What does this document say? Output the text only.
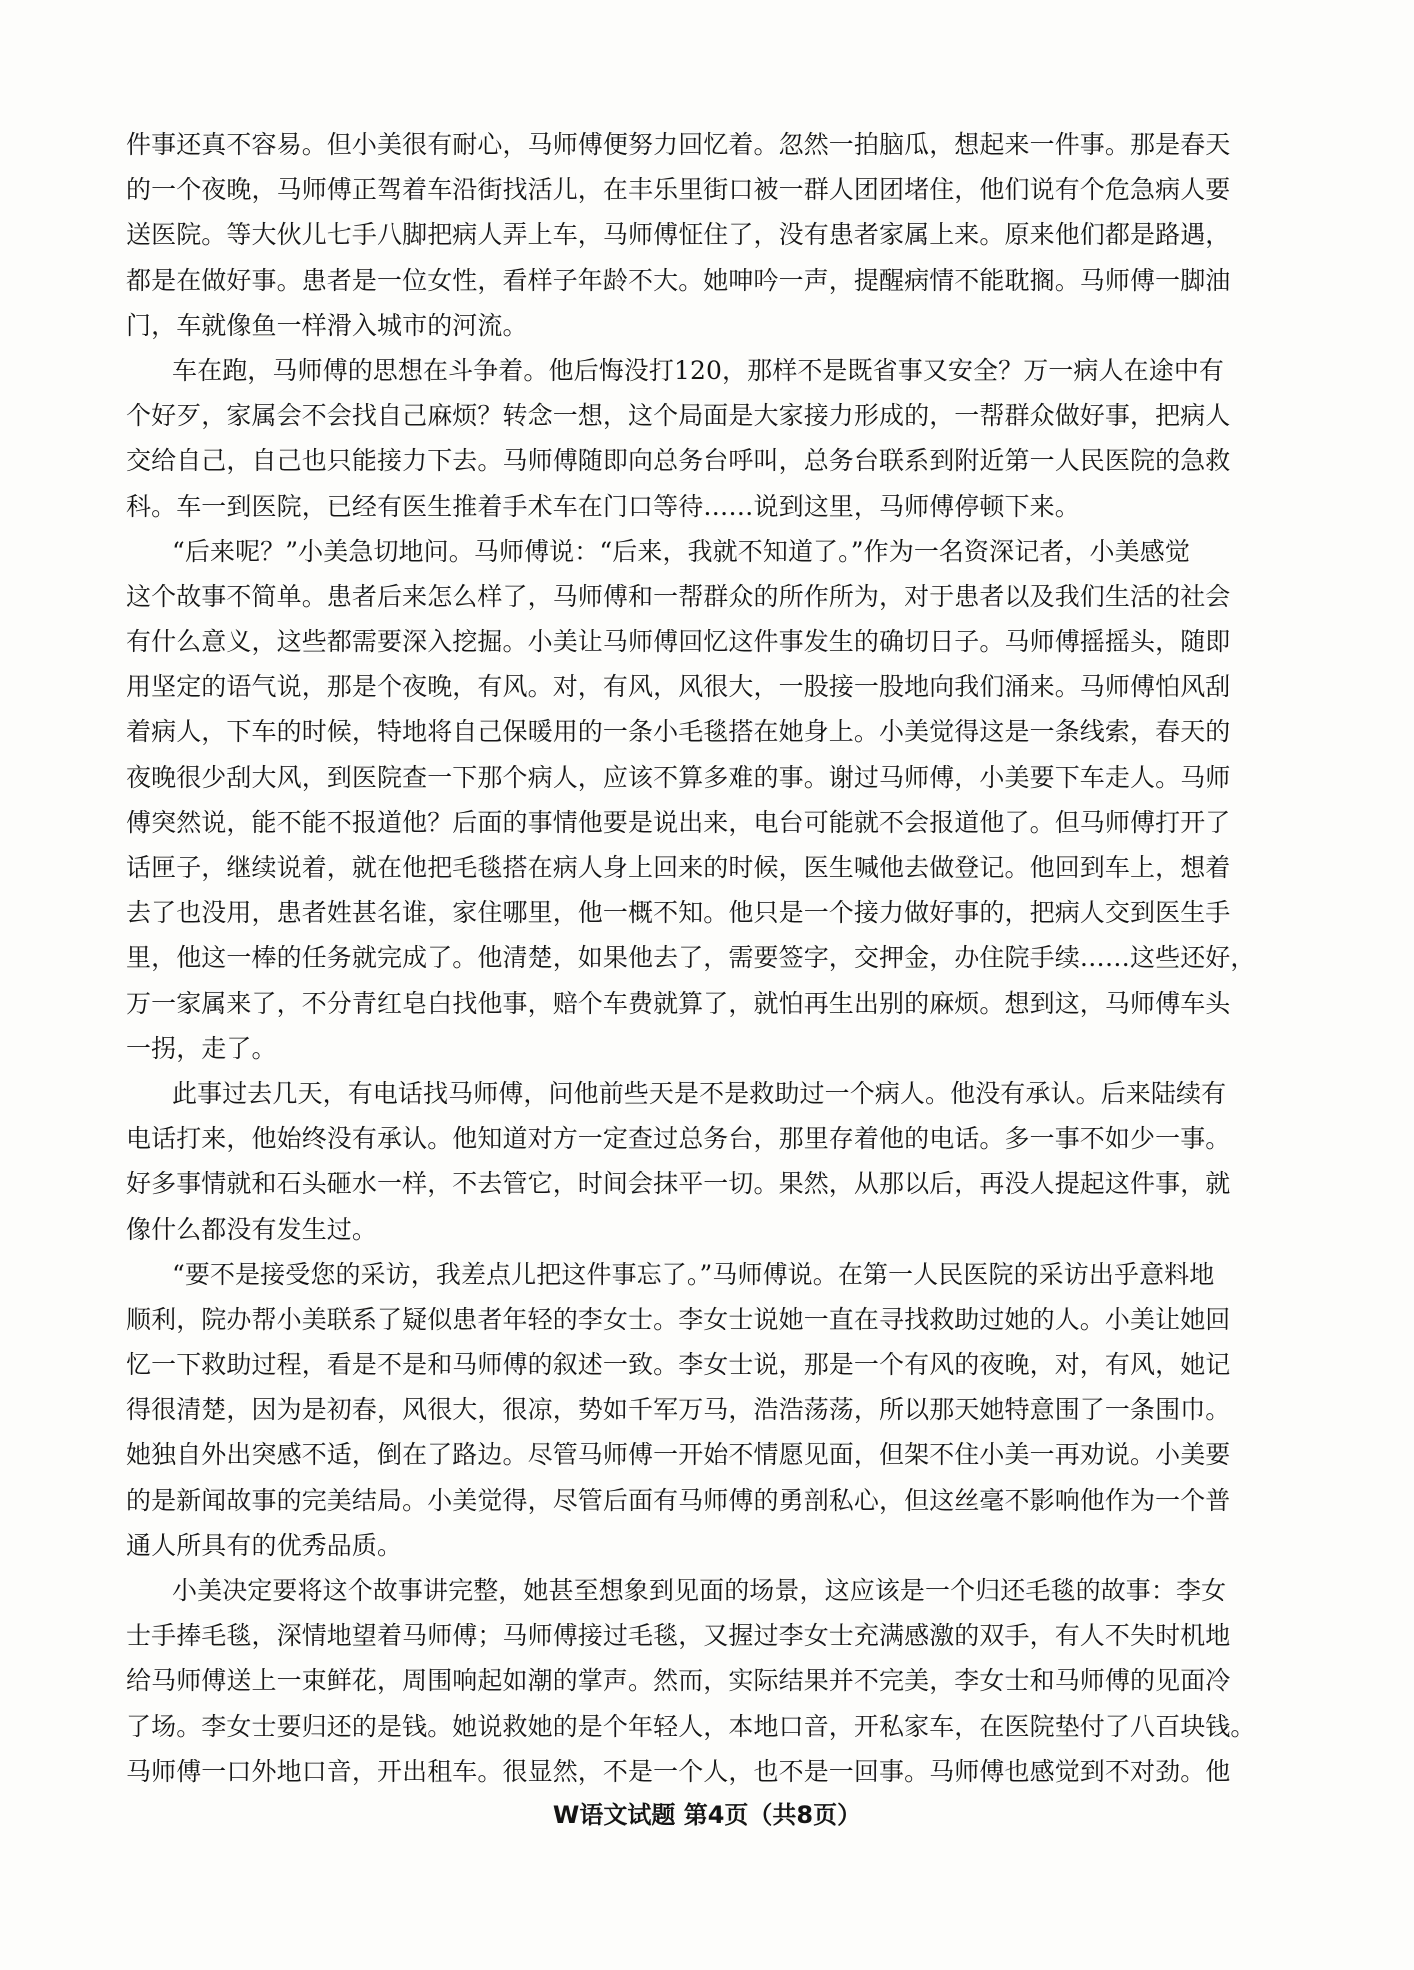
件事还真不容易。但小美很有耐心，马师傅便努力回忆着。忽然一拍脑瓜，想起来一件事。那是春天

的一个夜晚，马师傅正驾着车沿街找活儿，在丰乐里街口被一群人团团堵住，他们说有个危急病人要

送医院。等大伙儿七手八脚把病人弄上车，马师傅怔住了，没有患者家属上来。原来他们都是路遇，

都是在做好事。患者是一位女性，看样子年龄不大。她呻吟一声，提醒病情不能耽搁。马师傅一脚油

门，车就像鱼一样滑入城市的河流。

车在跑，马师傅的思想在斗争着。他后悔没打120，那样不是既省事又安全？万一病人在途中有

个好歹，家属会不会找自己麻烦？转念一想，这个局面是大家接力形成的，一帮群众做好事，把病人

交给自己，自己也只能接力下去。马师傅随即向总务台呼叫，总务台联系到附近第一人民医院的急救

科。车一到医院，已经有医生推着手术车在门口等待……说到这里，马师傅停顿下来。

“后来呢？”小美急切地问。马师傅说：“后来，我就不知道了。”作为一名资深记者，小美感觉

这个故事不简单。患者后来怎么样了，马师傅和一帮群众的所作所为，对于患者以及我们生活的社会

有什么意义，这些都需要深入挖掘。小美让马师傅回忆这件事发生的确切日子。马师傅摇摇头，随即

用坚定的语气说，那是个夜晚，有风。对，有风，风很大，一股接一股地向我们涌来。马师傅怕风刮

着病人，下车的时候，特地将自己保暖用的一条小毛毯搭在她身上。小美觉得这是一条线索，春天的

夜晚很少刮大风，到医院查一下那个病人，应该不算多难的事。谢过马师傅，小美要下车走人。马师

傅突然说，能不能不报道他？后面的事情他要是说出来，电台可能就不会报道他了。但马师傅打开了

话匣子，继续说着，就在他把毛毯搭在病人身上回来的时候，医生喊他去做登记。他回到车上，想着

去了也没用，患者姓甚名谁，家住哪里，他一概不知。他只是一个接力做好事的，把病人交到医生手

里，他这一棒的任务就完成了。他清楚，如果他去了，需要签字，交押金，办住院手续……这些还好，

万一家属来了，不分青红皂白找他事，赔个车费就算了，就怕再生出别的麻烦。想到这，马师傅车头

一拐，走了。

此事过去几天，有电话找马师傅，问他前些天是不是救助过一个病人。他没有承认。后来陆续有

电话打来，他始终没有承认。他知道对方一定查过总务台，那里存着他的电话。多一事不如少一事。

好多事情就和石头砸水一样，不去管它，时间会抹平一切。果然，从那以后，再没人提起这件事，就

像什么都没有发生过。

“要不是接受您的采访，我差点儿把这件事忘了。”马师傅说。在第一人民医院的采访出乎意料地

顺利，院办帮小美联系了疑似患者年轻的李女士。李女士说她一直在寻找救助过她的人。小美让她回

忆一下救助过程，看是不是和马师傅的叙述一致。李女士说，那是一个有风的夜晚，对，有风，她记

得很清楚，因为是初春，风很大，很凉，势如千军万马，浩浩荡荡，所以那天她特意围了一条围巾。

她独自外出突感不适，倒在了路边。尽管马师傅一开始不情愿见面，但架不住小美一再劝说。小美要

的是新闻故事的完美结局。小美觉得，尽管后面有马师傅的勇剖私心，但这丝毫不影响他作为一个普

通人所具有的优秀品质。

小美决定要将这个故事讲完整，她甚至想象到见面的场景，这应该是一个归还毛毯的故事：李女

士手捧毛毯，深情地望着马师傅；马师傅接过毛毯，又握过李女士充满感激的双手，有人不失时机地

给马师傅送上一束鲜花，周围响起如潮的掌声。然而，实际结果并不完美，李女士和马师傅的见面冷

了场。李女士要归还的是钱。她说救她的是个年轻人，本地口音，开私家车，在医院垫付了八百块钱。

马师傅一口外地口音，开出租车。很显然，不是一个人，也不是一回事。马师傅也感觉到不对劲。他

W语文试题 第4页（共8页）
